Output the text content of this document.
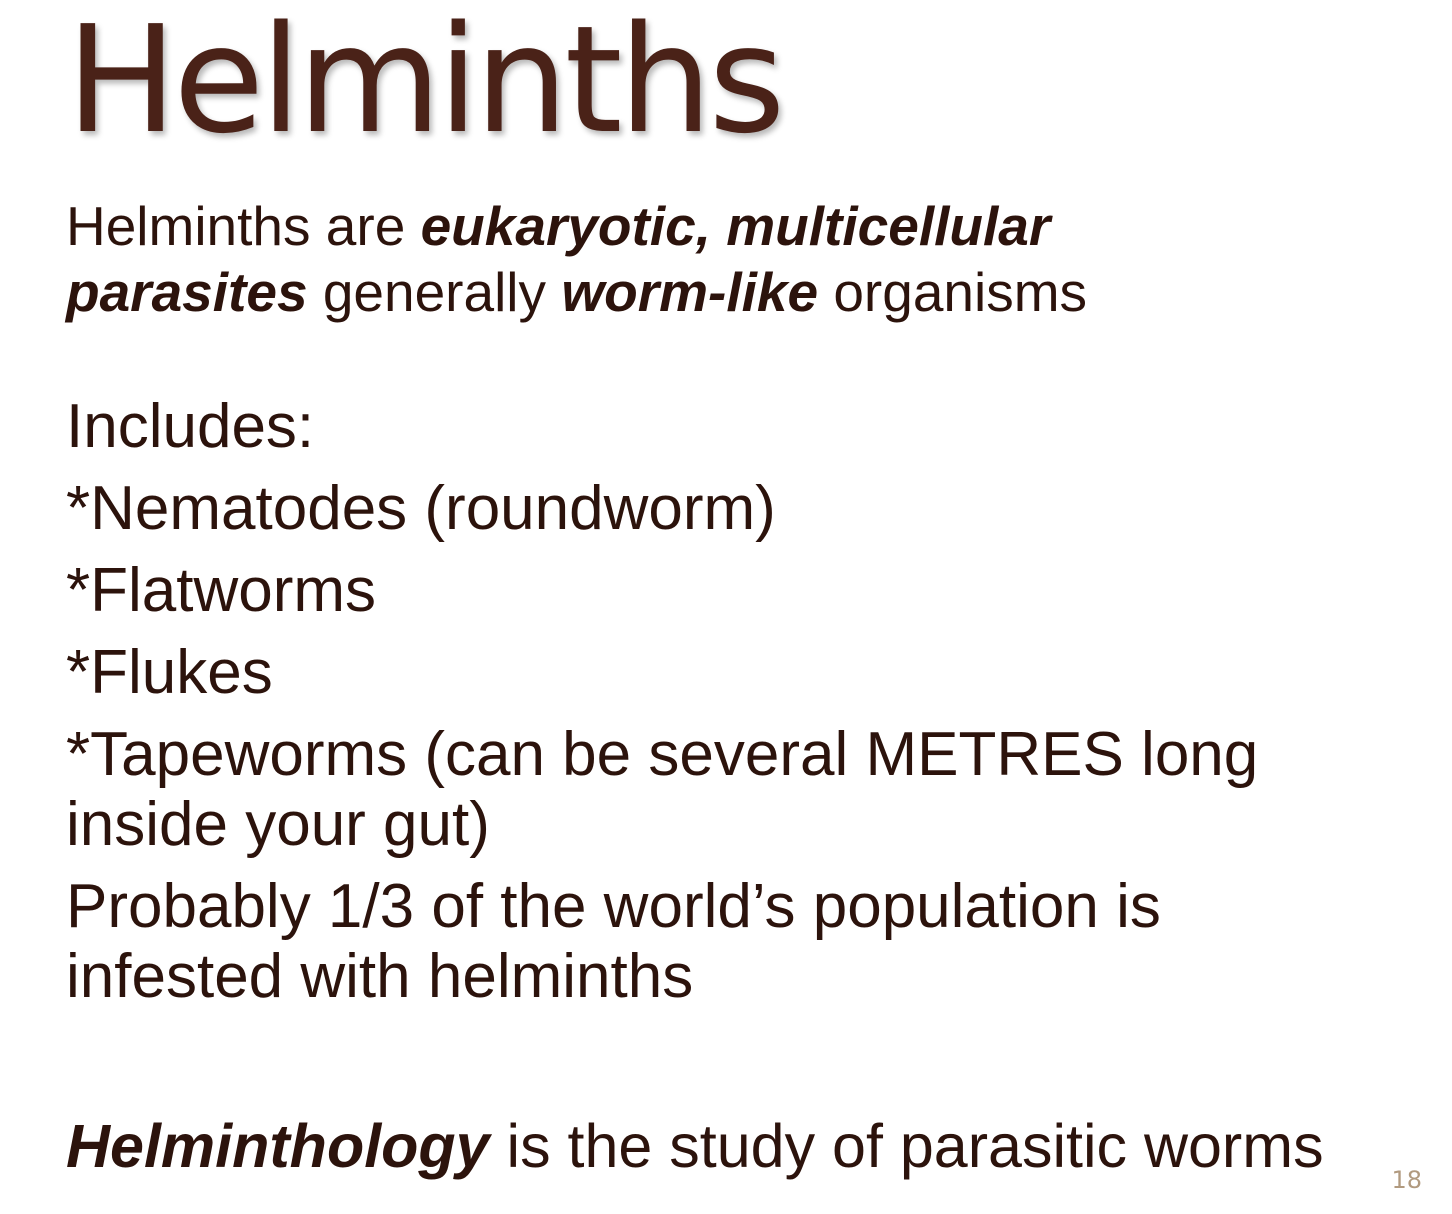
Helminths

Helminths are eukaryotic, multicellular
parasites generally worm-like organisms

Includes:
*Nematodes (roundworm)
*Flatworms
*Flukes
*Tapeworms (can be several METRES long
inside your gut)
Probably 1/3 of the world’s population is
infested with helminths

Helminthology is the study of parasitic worms	18
